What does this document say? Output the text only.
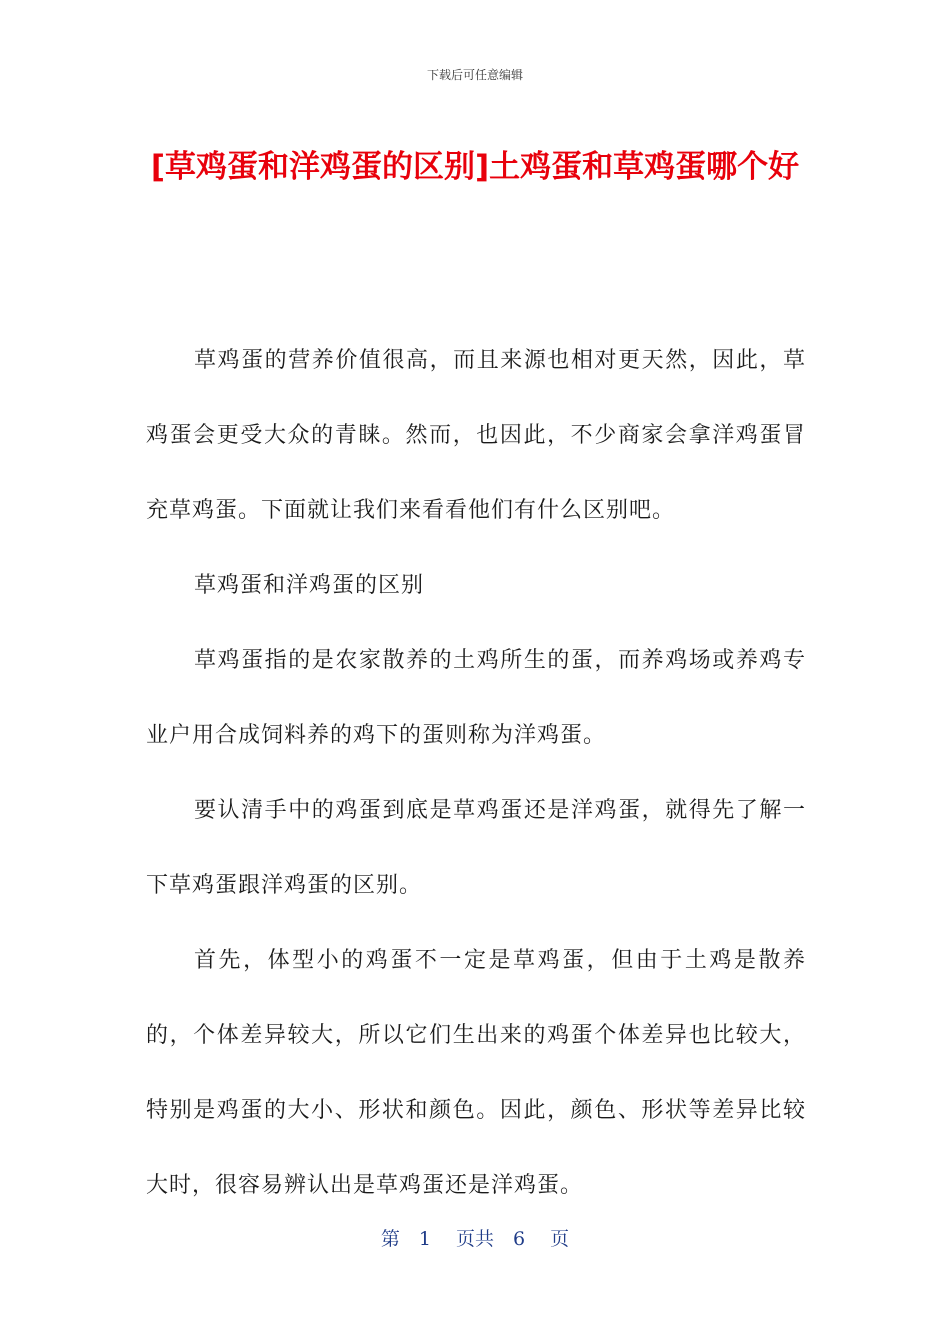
下载后可任意编辑
[草鸡蛋和洋鸡蛋的区别]土鸡蛋和草鸡蛋哪个好

草鸡蛋的营养价值很高，而且来源也相对更天然，因此，草鸡蛋会更受大众的青睐。然而，也因此，不少商家会拿洋鸡蛋冒充草鸡蛋。下面就让我们来看看他们有什么区别吧。

草鸡蛋和洋鸡蛋的区别

草鸡蛋指的是农家散养的土鸡所生的蛋，而养鸡场或养鸡专业户用合成饲料养的鸡下的蛋则称为洋鸡蛋。

要认清手中的鸡蛋到底是草鸡蛋还是洋鸡蛋，就得先了解一下草鸡蛋跟洋鸡蛋的区别。

首先，体型小的鸡蛋不一定是草鸡蛋，但由于土鸡是散养的，个体差异较大，所以它们生出来的鸡蛋个体差异也比较大，特别是鸡蛋的大小、形状和颜色。因此，颜色、形状等差异比较大时，很容易辨认出是草鸡蛋还是洋鸡蛋。

第　1　 页共　6　 页
